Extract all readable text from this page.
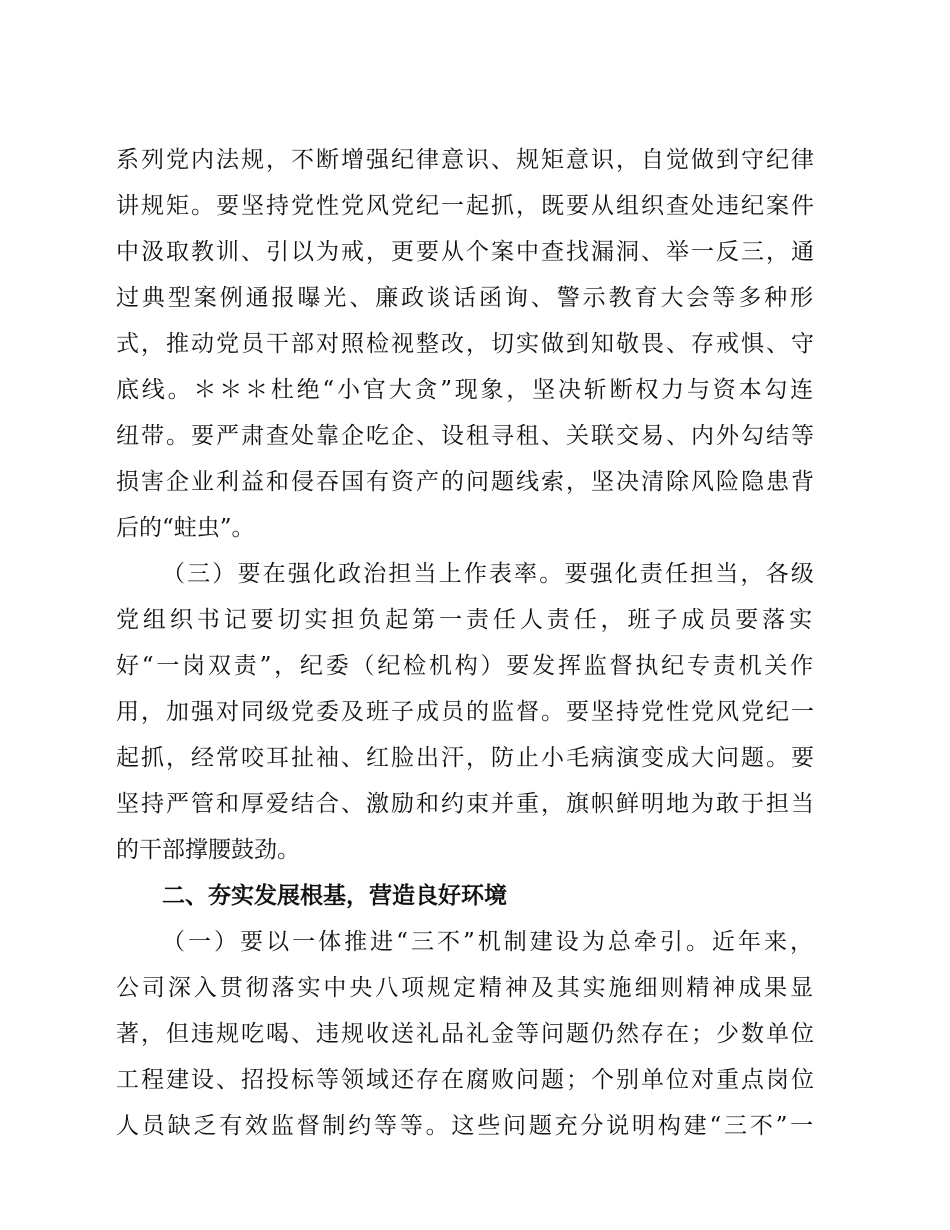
系列党内法规，不断增强纪律意识、规矩意识，自觉做到守纪律
讲规矩。要坚持党性党风党纪一起抓，既要从组织查处违纪案件
中汲取教训、引以为戒，更要从个案中查找漏洞、举一反三，通
过典型案例通报曝光、廉政谈话函询、警示教育大会等多种形
式，推动党员干部对照检视整改，切实做到知敬畏、存戒惧、守
底线。＊＊＊杜绝“小官大贪”现象，坚决斩断权力与资本勾连
纽带。要严肃查处靠企吃企、设租寻租、关联交易、内外勾结等
损害企业利益和侵吞国有资产的问题线索，坚决清除风险隐患背
后的“蛀虫”。
（三）要在强化政治担当上作表率。要强化责任担当，各级
党组织书记要切实担负起第一责任人责任，班子成员要落实
好“一岗双责”，纪委（纪检机构）要发挥监督执纪专责机关作
用，加强对同级党委及班子成员的监督。要坚持党性党风党纪一
起抓，经常咬耳扯袖、红脸出汗，防止小毛病演变成大问题。要
坚持严管和厚爱结合、激励和约束并重，旗帜鲜明地为敢于担当
的干部撑腰鼓劲。
二、夯实发展根基，营造良好环境
（一）要以一体推进“三不”机制建设为总牵引。近年来，
公司深入贯彻落实中央八项规定精神及其实施细则精神成果显
著，但违规吃喝、违规收送礼品礼金等问题仍然存在；少数单位
工程建设、招投标等领域还存在腐败问题；个别单位对重点岗位
人员缺乏有效监督制约等等。这些问题充分说明构建“三不”一
